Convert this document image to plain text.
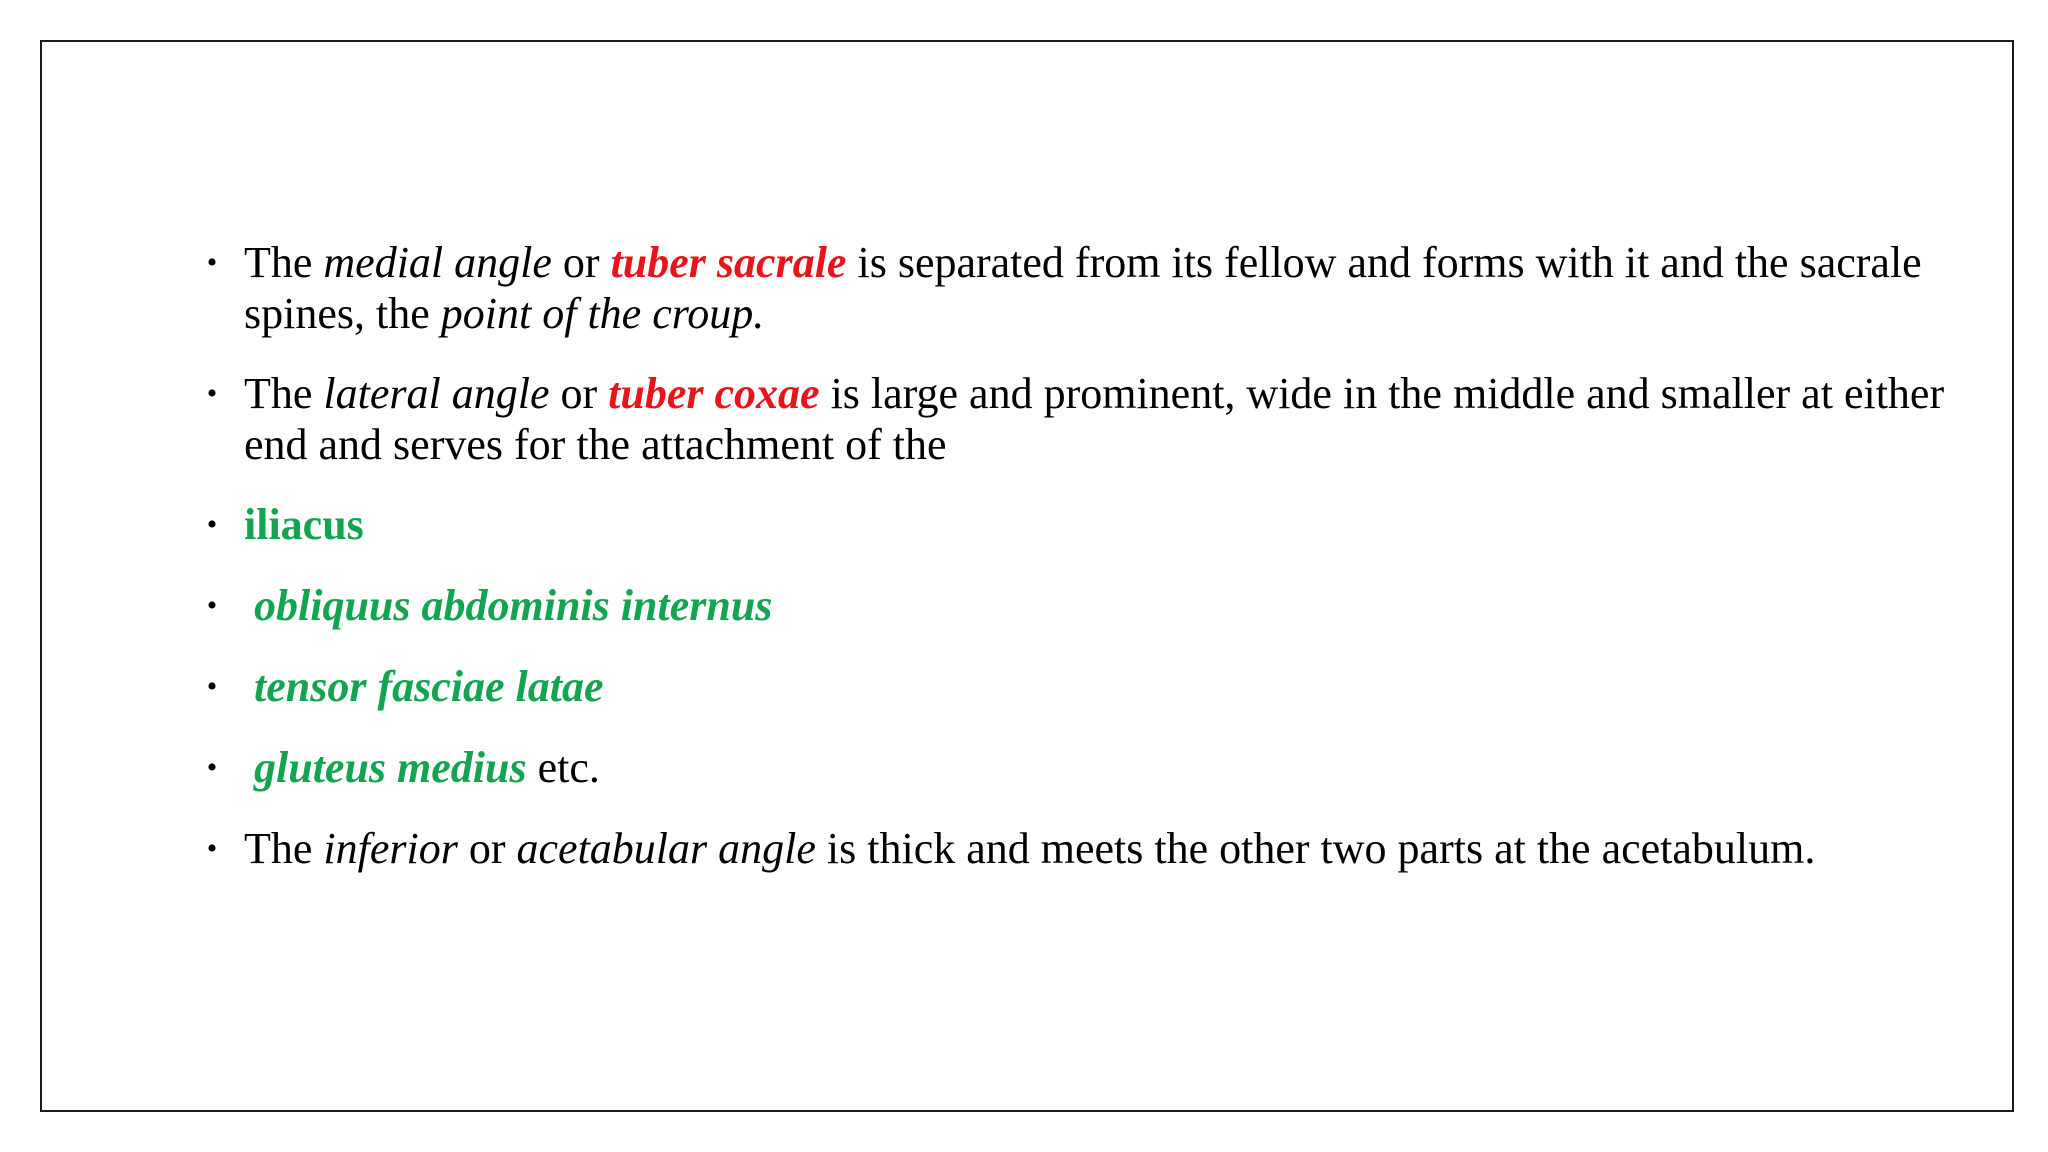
• The medial angle or tuber sacrale is separated from its fellow and forms with it and the sacrale spines, the point of the croup.
• The lateral angle or tuber coxae is large and prominent, wide in the middle and smaller at either end and serves for the attachment of the
• iliacus
• obliquus abdominis internus
• tensor fasciae latae
• gluteus medius etc.
• The inferior or acetabular angle is thick and meets the other two parts at the acetabulum.
